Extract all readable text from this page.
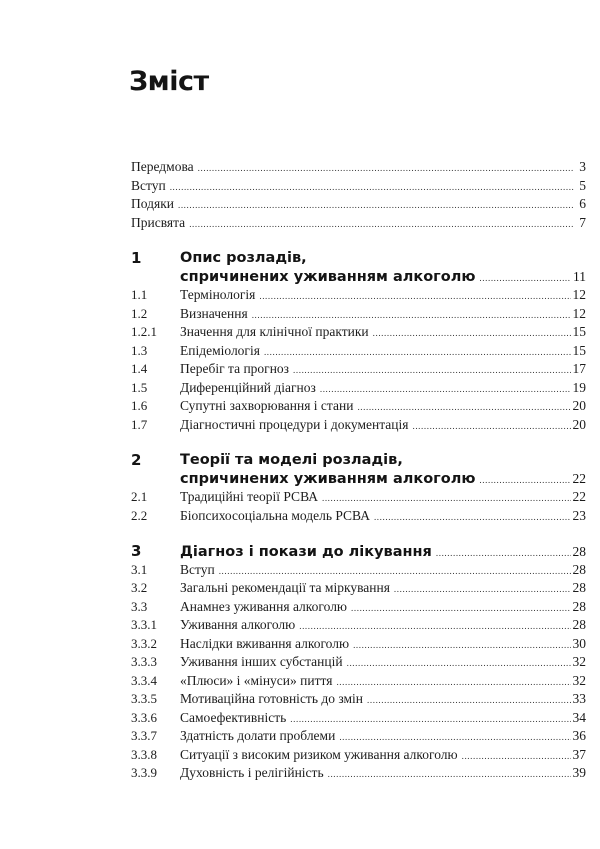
Зміст
Передмова .....	3
Вступ .....	5
Подяки .....	6
Присвята .....	7
1	Опис розладів,
спричинених уживанням алкоголю .....	11
1.1	Термінологія .....	12
1.2	Визначення .....	12
1.2.1	Значення для клінічної практики .....	15
1.3	Епідеміологія .....	15
1.4	Перебіг та прогноз .....	17
1.5	Диференційний діагноз .....	19
1.6	Супутні захворювання і стани .....	20
1.7	Діагностичні процедури і документація .....	20
2	Теорії та моделі розладів,
спричинених уживанням алкоголю .....	22
2.1	Традиційні теорії РСВА .....	22
2.2	Біопсихосоціальна модель РСВА .....	23
3	Діагноз і покази до лікування .....	28
3.1	Вступ .....	28
3.2	Загальні рекомендації та міркування .....	28
3.3	Анамнез уживання алкоголю .....	28
3.3.1	Уживання алкоголю .....	28
3.3.2	Наслідки вживання алкоголю .....	30
3.3.3	Уживання інших субстанцій .....	32
3.3.4	«Плюси» і «мінуси» пиття .....	32
3.3.5	Мотиваційна готовність до змін .....	33
3.3.6	Самоефективність .....	34
3.3.7	Здатність долати проблеми .....	36
3.3.8	Ситуації з високим ризиком уживання алкоголю .....	37
3.3.9	Духовність і релігійність .....	39
